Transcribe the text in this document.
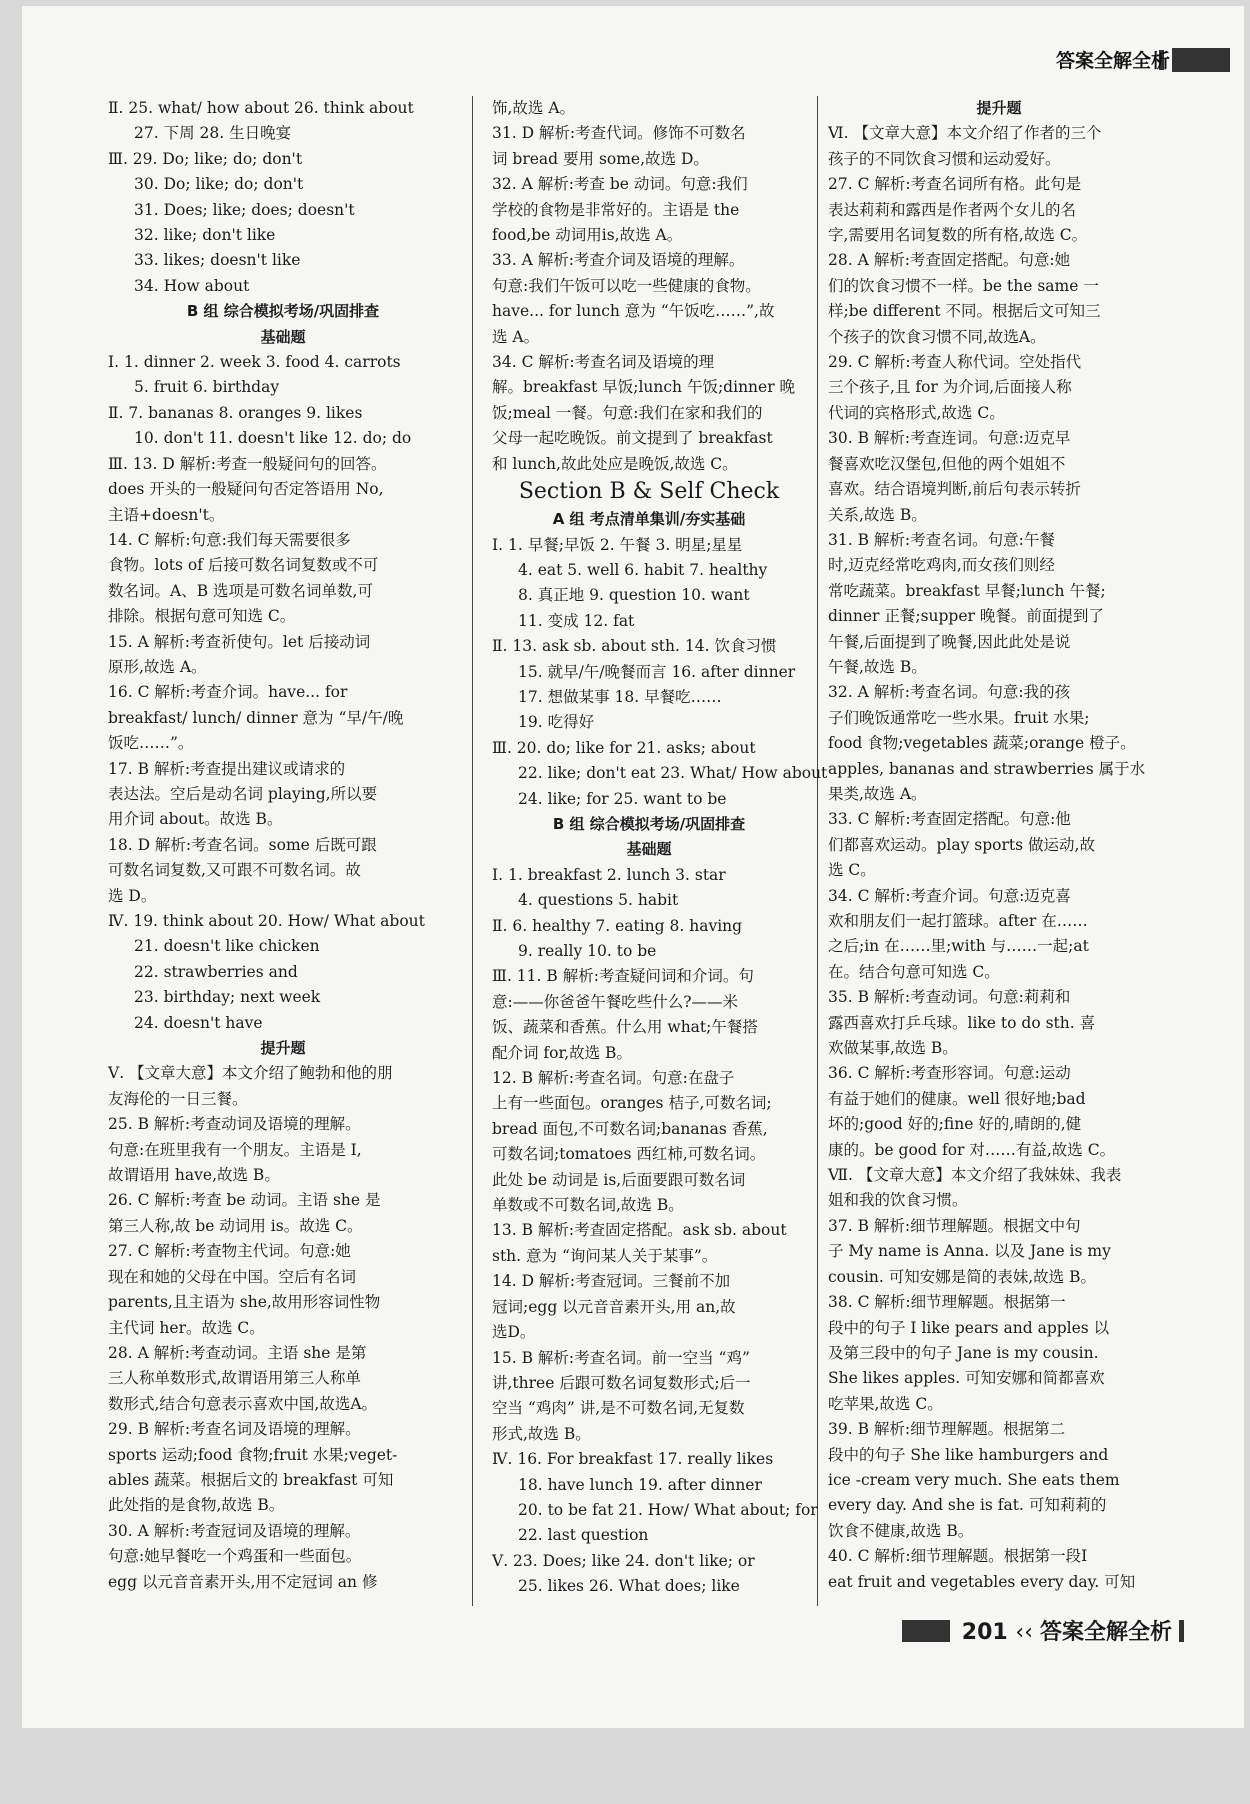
答案全解全析
Ⅱ. 25. what/ how about 26. think about
27. 下周 28. 生日晚宴
Ⅲ. 29. Do; like; do; don't
30. Do; like; do; don't
31. Does; like; does; doesn't
32. like; don't like
33. likes; doesn't like
34. How about
B 组 综合模拟考场/巩固排查
基础题
Ⅰ. 1. dinner 2. week 3. food 4. carrots
5. fruit 6. birthday
Ⅱ. 7. bananas 8. oranges 9. likes
10. don't 11. doesn't like 12. do; do
Ⅲ. 13. D 解析:考查一般疑问句的回答。
does 开头的一般疑问句否定答语用 No,
主语+doesn't。
14. C 解析:句意:我们每天需要很多
食物。lots of 后接可数名词复数或不可
数名词。A、B 选项是可数名词单数,可
排除。根据句意可知选 C。
15. A 解析:考查祈使句。let 后接动词
原形,故选 A。
16. C 解析:考查介词。have... for
breakfast/ lunch/ dinner 意为 “早/午/晚
饭吃……”。
17. B 解析:考查提出建议或请求的
表达法。空后是动名词 playing,所以要
用介词 about。故选 B。
18. D 解析:考查名词。some 后既可跟
可数名词复数,又可跟不可数名词。故
选 D。
Ⅳ. 19. think about 20. How/ What about
21. doesn't like chicken
22. strawberries and
23. birthday; next week
24. doesn't have
提升题
Ⅴ. 【文章大意】本文介绍了鲍勃和他的朋
友海伦的一日三餐。
25. B 解析:考查动词及语境的理解。
句意:在班里我有一个朋友。主语是 I,
故谓语用 have,故选 B。
26. C 解析:考查 be 动词。主语 she 是
第三人称,故 be 动词用 is。故选 C。
27. C 解析:考查物主代词。句意:她
现在和她的父母在中国。空后有名词
parents,且主语为 she,故用形容词性物
主代词 her。故选 C。
28. A 解析:考查动词。主语 she 是第
三人称单数形式,故谓语用第三人称单
数形式,结合句意表示喜欢中国,故选A。
29. B 解析:考查名词及语境的理解。
sports 运动;food 食物;fruit 水果;veget-
ables 蔬菜。根据后文的 breakfast 可知
此处指的是食物,故选 B。
30. A 解析:考查冠词及语境的理解。
句意:她早餐吃一个鸡蛋和一些面包。
egg 以元音音素开头,用不定冠词 an 修
饰,故选 A。
31. D 解析:考查代词。修饰不可数名
词 bread 要用 some,故选 D。
32. A 解析:考查 be 动词。句意:我们
学校的食物是非常好的。主语是 the
food,be 动词用is,故选 A。
33. A 解析:考查介词及语境的理解。
句意:我们午饭可以吃一些健康的食物。
have... for lunch 意为 “午饭吃……”,故
选 A。
34. C 解析:考查名词及语境的理
解。breakfast 早饭;lunch 午饭;dinner 晚
饭;meal 一餐。句意:我们在家和我们的
父母一起吃晚饭。前文提到了 breakfast
和 lunch,故此处应是晚饭,故选 C。
Section B & Self Check
A 组 考点清单集训/夯实基础
Ⅰ. 1. 早餐;早饭 2. 午餐 3. 明星;星星
4. eat 5. well 6. habit 7. healthy
8. 真正地 9. question 10. want
11. 变成 12. fat
Ⅱ. 13. ask sb. about sth. 14. 饮食习惯
15. 就早/午/晚餐而言 16. after dinner
17. 想做某事 18. 早餐吃……
19. 吃得好
Ⅲ. 20. do; like for 21. asks; about
22. like; don't eat 23. What/ How about
24. like; for 25. want to be
B 组 综合模拟考场/巩固排查
基础题
Ⅰ. 1. breakfast 2. lunch 3. star
4. questions 5. habit
Ⅱ. 6. healthy 7. eating 8. having
9. really 10. to be
Ⅲ. 11. B 解析:考查疑问词和介词。句
意:——你爸爸午餐吃些什么?——米
饭、蔬菜和香蕉。什么用 what;午餐搭
配介词 for,故选 B。
12. B 解析:考查名词。句意:在盘子
上有一些面包。oranges 桔子,可数名词;
bread 面包,不可数名词;bananas 香蕉,
可数名词;tomatoes 西红柿,可数名词。
此处 be 动词是 is,后面要跟可数名词
单数或不可数名词,故选 B。
13. B 解析:考查固定搭配。ask sb. about
sth. 意为 “询问某人关于某事”。
14. D 解析:考查冠词。三餐前不加
冠词;egg 以元音音素开头,用 an,故
选D。
15. B 解析:考查名词。前一空当 “鸡”
讲,three 后跟可数名词复数形式;后一
空当 “鸡肉” 讲,是不可数名词,无复数
形式,故选 B。
Ⅳ. 16. For breakfast 17. really likes
18. have lunch 19. after dinner
20. to be fat 21. How/ What about; for
22. last question
Ⅴ. 23. Does; like 24. don't like; or
25. likes 26. What does; like
提升题
Ⅵ. 【文章大意】本文介绍了作者的三个
孩子的不同饮食习惯和运动爱好。
27. C 解析:考查名词所有格。此句是
表达莉莉和露西是作者两个女儿的名
字,需要用名词复数的所有格,故选 C。
28. A 解析:考查固定搭配。句意:她
们的饮食习惯不一样。be the same 一
样;be different 不同。根据后文可知三
个孩子的饮食习惯不同,故选A。
29. C 解析:考查人称代词。空处指代
三个孩子,且 for 为介词,后面接人称
代词的宾格形式,故选 C。
30. B 解析:考查连词。句意:迈克早
餐喜欢吃汉堡包,但他的两个姐姐不
喜欢。结合语境判断,前后句表示转折
关系,故选 B。
31. B 解析:考查名词。句意:午餐
时,迈克经常吃鸡肉,而女孩们则经
常吃蔬菜。breakfast 早餐;lunch 午餐;
dinner 正餐;supper 晚餐。前面提到了
午餐,后面提到了晚餐,因此此处是说
午餐,故选 B。
32. A 解析:考查名词。句意:我的孩
子们晚饭通常吃一些水果。fruit 水果;
food 食物;vegetables 蔬菜;orange 橙子。
apples, bananas and strawberries 属于水
果类,故选 A。
33. C 解析:考查固定搭配。句意:他
们都喜欢运动。play sports 做运动,故
选 C。
34. C 解析:考查介词。句意:迈克喜
欢和朋友们一起打篮球。after 在……
之后;in 在……里;with 与……一起;at
在。结合句意可知选 C。
35. B 解析:考查动词。句意:莉莉和
露西喜欢打乒乓球。like to do sth. 喜
欢做某事,故选 B。
36. C 解析:考查形容词。句意:运动
有益于她们的健康。well 很好地;bad
坏的;good 好的;fine 好的,晴朗的,健
康的。be good for 对……有益,故选 C。
Ⅶ. 【文章大意】本文介绍了我妹妹、我表
姐和我的饮食习惯。
37. B 解析:细节理解题。根据文中句
子 My name is Anna. 以及 Jane is my
cousin. 可知安娜是简的表妹,故选 B。
38. C 解析:细节理解题。根据第一
段中的句子 I like pears and apples 以
及第三段中的句子 Jane is my cousin.
She likes apples. 可知安娜和简都喜欢
吃苹果,故选 C。
39. B 解析:细节理解题。根据第二
段中的句子 She like hamburgers and
ice -cream very much. She eats them
every day. And she is fat. 可知莉莉的
饮食不健康,故选 B。
40. C 解析:细节理解题。根据第一段I
eat fruit and vegetables every day. 可知
201 ‹‹ 答案全解全析
